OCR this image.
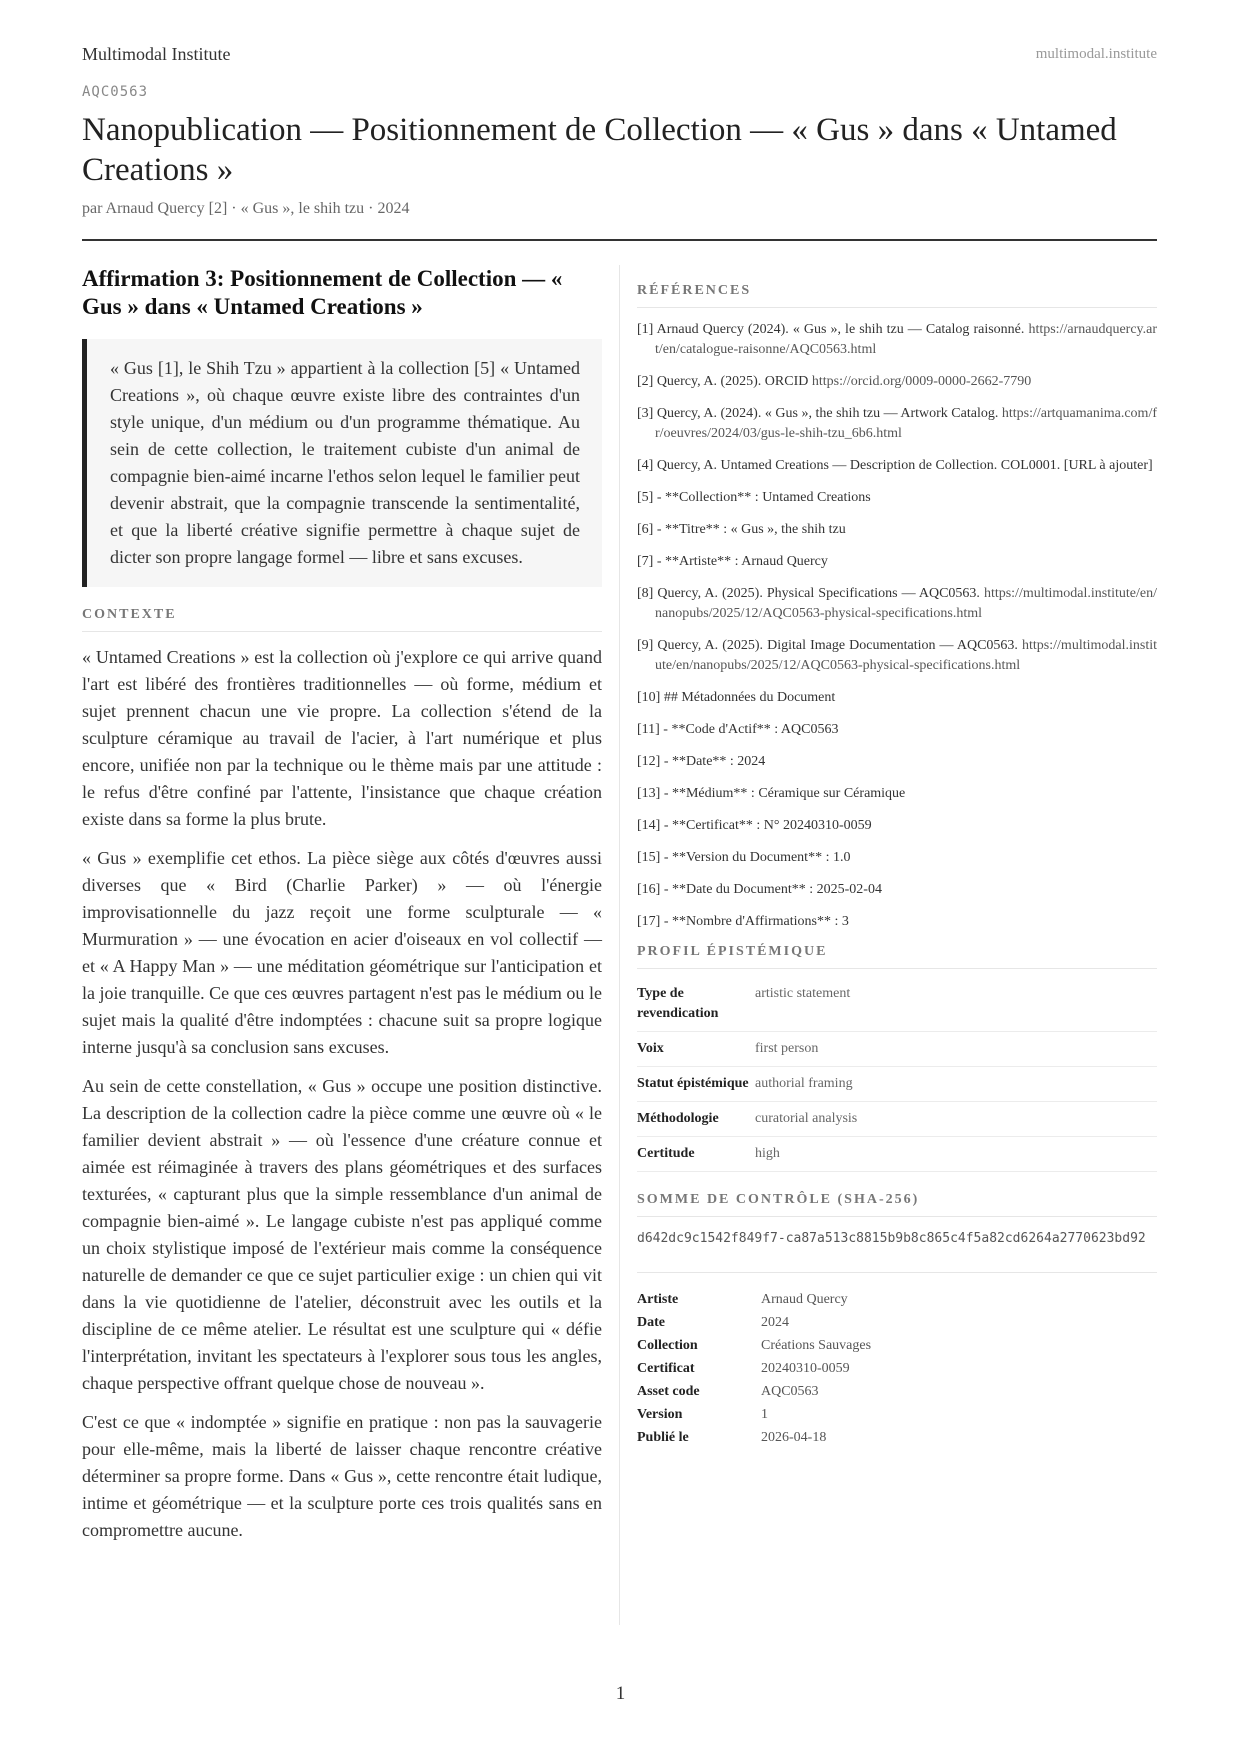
Multimodal Institute	multimodal.institute
AQC0563
Nanopublication — Positionnement de Collection — « Gus » dans « Untamed Creations »
par Arnaud Quercy [2] · « Gus », le shih tzu · 2024
Affirmation 3: Positionnement de Collection — « Gus » dans « Untamed Creations »
« Gus [1], le Shih Tzu » appartient à la collection [5] « Untamed Creations », où chaque œuvre existe libre des contraintes d'un style unique, d'un médium ou d'un programme thématique. Au sein de cette collection, le traitement cubiste d'un animal de compagnie bien-aimé incarne l'ethos selon lequel le familier peut devenir abstrait, que la compagnie transcende la sentimentalité, et que la liberté créative signifie permettre à chaque sujet de dicter son propre langage formel — libre et sans excuses.
CONTEXTE

« Untamed Creations » est la collection où j'explore ce qui arrive quand l'art est libéré des frontières traditionnelles — où forme, médium et sujet prennent chacun une vie propre. La collection s'étend de la sculpture céramique au travail de l'acier, à l'art numérique et plus encore, unifiée non par la technique ou le thème mais par une attitude : le refus d'être confiné par l'attente, l'insistance que chaque création existe dans sa forme la plus brute.

« Gus » exemplifie cet ethos. La pièce siège aux côtés d'œuvres aussi diverses que « Bird (Charlie Parker) » — où l'énergie improvisationnelle du jazz reçoit une forme sculpturale — « Murmuration » — une évocation en acier d'oiseaux en vol collectif — et « A Happy Man » — une méditation géométrique sur l'anticipation et la joie tranquille. Ce que ces œuvres partagent n'est pas le médium ou le sujet mais la qualité d'être indomptées : chacune suit sa propre logique interne jusqu'à sa conclusion sans excuses.

Au sein de cette constellation, « Gus » occupe une position distinctive. La description de la collection cadre la pièce comme une œuvre où « le familier devient abstrait » — où l'essence d'une créature connue et aimée est réimaginée à travers des plans géométriques et des surfaces texturées, « capturant plus que la simple ressemblance d'un animal de compagnie bien-aimé ». Le langage cubiste n'est pas appliqué comme un choix stylistique imposé de l'extérieur mais comme la conséquence naturelle de demander ce que ce sujet particulier exige : un chien qui vit dans la vie quotidienne de l'atelier, déconstruit avec les outils et la discipline de ce même atelier. Le résultat est une sculpture qui « défie l'interprétation, invitant les spectateurs à l'explorer sous tous les angles, chaque perspective offrant quelque chose de nouveau ».

C'est ce que « indomptée » signifie en pratique : non pas la sauvagerie pour elle-même, mais la liberté de laisser chaque rencontre créative déterminer sa propre forme. Dans « Gus », cette rencontre était ludique, intime et géométrique — et la sculpture porte ces trois qualités sans en compromettre aucune.

RÉFÉRENCES
[1] Arnaud Quercy (2024). « Gus », le shih tzu — Catalog raisonné. https://arnaudquercy.art/en/catalogue-raisonne/AQC0563.html
[2] Quercy, A. (2025). ORCID https://orcid.org/0009-0000-2662-7790
[3] Quercy, A. (2024). « Gus », the shih tzu — Artwork Catalog. https://artquamanima.com/fr/oeuvres/2024/03/gus-le-shih-tzu_6b6.html
[4] Quercy, A. Untamed Creations — Description de Collection. COL0001. [URL à ajouter]
[5] - **Collection** : Untamed Creations
[6] - **Titre** : « Gus », the shih tzu
[7] - **Artiste** : Arnaud Quercy
[8] Quercy, A. (2025). Physical Specifications — AQC0563. https://multimodal.institute/en/nanopubs/2025/12/AQC0563-physical-specifications.html
[9] Quercy, A. (2025). Digital Image Documentation — AQC0563. https://multimodal.institute/en/nanopubs/2025/12/AQC0563-physical-specifications.html
[10] ## Métadonnées du Document
[11] - **Code d'Actif** : AQC0563
[12] - **Date** : 2024
[13] - **Médium** : Céramique sur Céramique
[14] - **Certificat** : N° 20240310-0059
[15] - **Version du Document** : 1.0
[16] - **Date du Document** : 2025-02-04
[17] - **Nombre d'Affirmations** : 3
PROFIL ÉPISTÉMIQUE
Type de revendication	artistic statement
Voix	first person
Statut épistémique	authorial framing
Méthodologie	curatorial analysis
Certitude	high
SOMME DE CONTRÔLE (SHA-256)
d642dc9c1542f849f7-ca87a513c8815b9b8c865c4f5a82cd6264a2770623bd92
Artiste	Arnaud Quercy
Date	2024
Collection	Créations Sauvages
Certificat	20240310-0059
Asset code	AQC0563
Version	1
Publié le	2026-04-18
1
